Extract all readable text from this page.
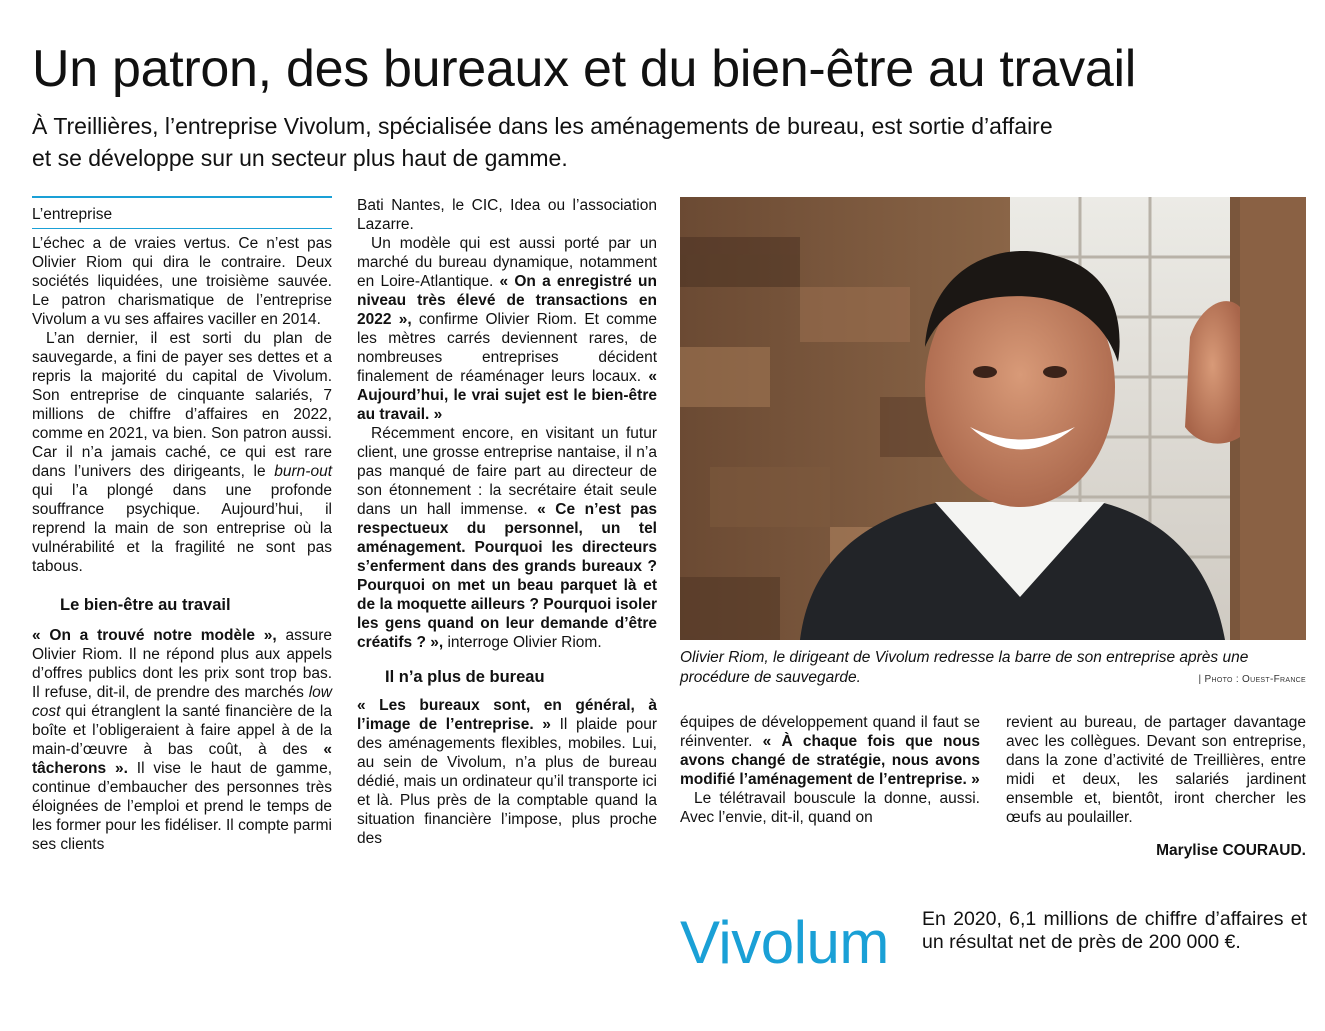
Un patron, des bureaux et du bien-être au travail
À Treillières, l’entreprise Vivolum, spécialisée dans les aménagements de bureau, est sortie d’affaire
et se développe sur un secteur plus haut de gamme.
L’entreprise

L’échec a de vraies vertus. Ce n’est pas Olivier Riom qui dira le contraire. Deux sociétés liquidées, une troisième sauvée. Le patron charismatique de l’entreprise Vivolum a vu ses affaires vaciller en 2014.

L’an dernier, il est sorti du plan de sauvegarde, a fini de payer ses dettes et a repris la majorité du capital de Vivolum. Son entreprise de cinquante salariés, 7 millions de chiffre d’affaires en 2022, comme en 2021, va bien. Son patron aussi. Car il n’a jamais caché, ce qui est rare dans l’univers des dirigeants, le burn-out qui l’a plongé dans une profonde souffrance psychique. Aujourd’hui, il reprend la main de son entreprise où la vulnérabilité et la fragilité ne sont pas tabous.

Le bien-être au travail

« On a trouvé notre modèle », assure Olivier Riom. Il ne répond plus aux appels d’offres publics dont les prix sont trop bas. Il refuse, dit-il, de prendre des marchés low cost qui étranglent la santé financière de la boîte et l’obligeraient à faire appel à de la main-d’œuvre à bas coût, à des « tâcherons ». Il vise le haut de gamme, continue d’embaucher des personnes très éloignées de l’emploi et prend le temps de les former pour les fidéliser. Il compte parmi ses clients

Bati Nantes, le CIC, Idea ou l’association Lazarre.

Un modèle qui est aussi porté par un marché du bureau dynamique, notamment en Loire-Atlantique. « On a enregistré un niveau très élevé de transactions en 2022 », confirme Olivier Riom. Et comme les mètres carrés deviennent rares, de nombreuses entreprises décident finalement de réaménager leurs locaux. « Aujourd’hui, le vrai sujet est le bien-être au travail. »

Récemment encore, en visitant un futur client, une grosse entreprise nantaise, il n’a pas manqué de faire part au directeur de son étonnement : la secrétaire était seule dans un hall immense. « Ce n’est pas respectueux du personnel, un tel aménagement. Pourquoi les directeurs s’enferment dans des grands bureaux ? Pourquoi on met un beau parquet là et de la moquette ailleurs ? Pourquoi isoler les gens quand on leur demande d’être créatifs ? », interroge Olivier Riom.

Il n’a plus de bureau

« Les bureaux sont, en général, à l’image de l’entreprise. » Il plaide pour des aménagements flexibles, mobiles. Lui, au sein de Vivolum, n’a plus de bureau dédié, mais un ordinateur qu’il transporte ici et là. Plus près de la comptable quand la situation financière l’impose, plus proche des

Olivier Riom, le dirigeant de Vivolum redresse la barre de son entreprise après une procédure de sauvegarde.	| Photo : Ouest-France

équipes de développement quand il faut se réinventer. « À chaque fois que nous avons changé de stratégie, nous avons modifié l’aménagement de l’entreprise. »

Le télétravail bouscule la donne, aussi. Avec l’envie, dit-il, quand on

revient au bureau, de partager davantage avec les collègues. Devant son entreprise, dans la zone d’activité de Treillières, entre midi et deux, les salariés jardinent ensemble et, bientôt, iront chercher les œufs au poulailler.

Marylise COURAUD.
Vivolum En 2020, 6,1 millions de chiffre d’affaires et un résultat net de près de 200 000 €.
